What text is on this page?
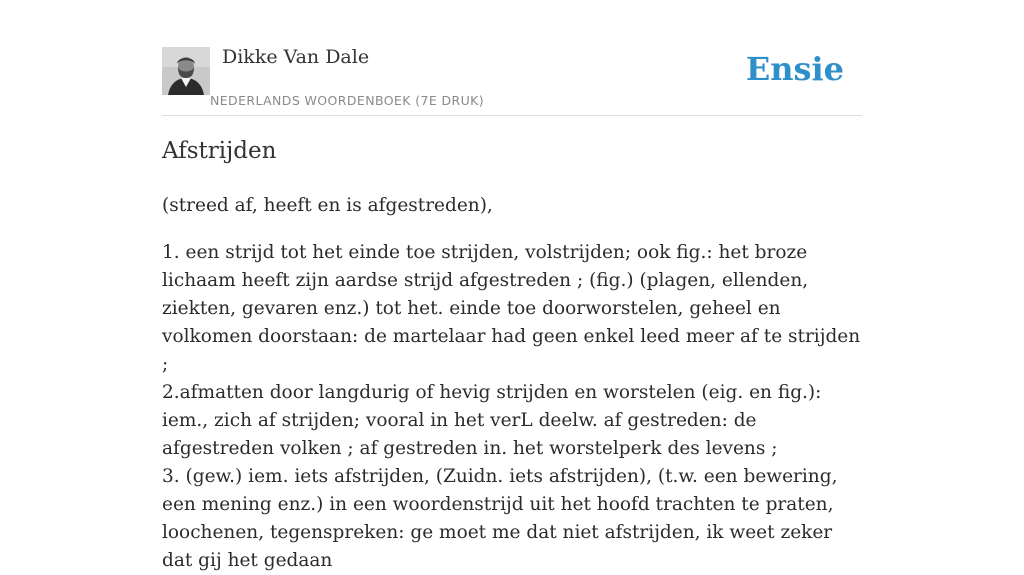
Dikke Van Dale
NEDERLANDS WOORDENBOEK (7E DRUK)
Ensie
Afstrijden

(streed af, heeft en is afgestreden),

1. een strijd tot het einde toe strijden, volstrijden; ook fig.: het broze lichaam heeft zijn aardse strijd afgestreden ; (fig.) (plagen, ellenden, ziekten, gevaren enz.) tot het. einde toe doorworstelen, geheel en volkomen doorstaan: de martelaar had geen enkel leed meer af te strijden ;

2.afmatten door langdurig of hevig strijden en worstelen (eig. en fig.): iem., zich af strijden; vooral in het verL deelw. af gestreden: de afgestreden volken ; af gestreden in. het worstelperk des levens ;

3. (gew.) iem. iets afstrijden, (Zuidn. iets afstrijden), (t.w. een bewering, een mening enz.) in een woordenstrijd uit het hoofd trachten te praten, loochenen, tegenspreken: ge moet me dat niet afstrijden, ik weet zeker dat gij het gedaan
